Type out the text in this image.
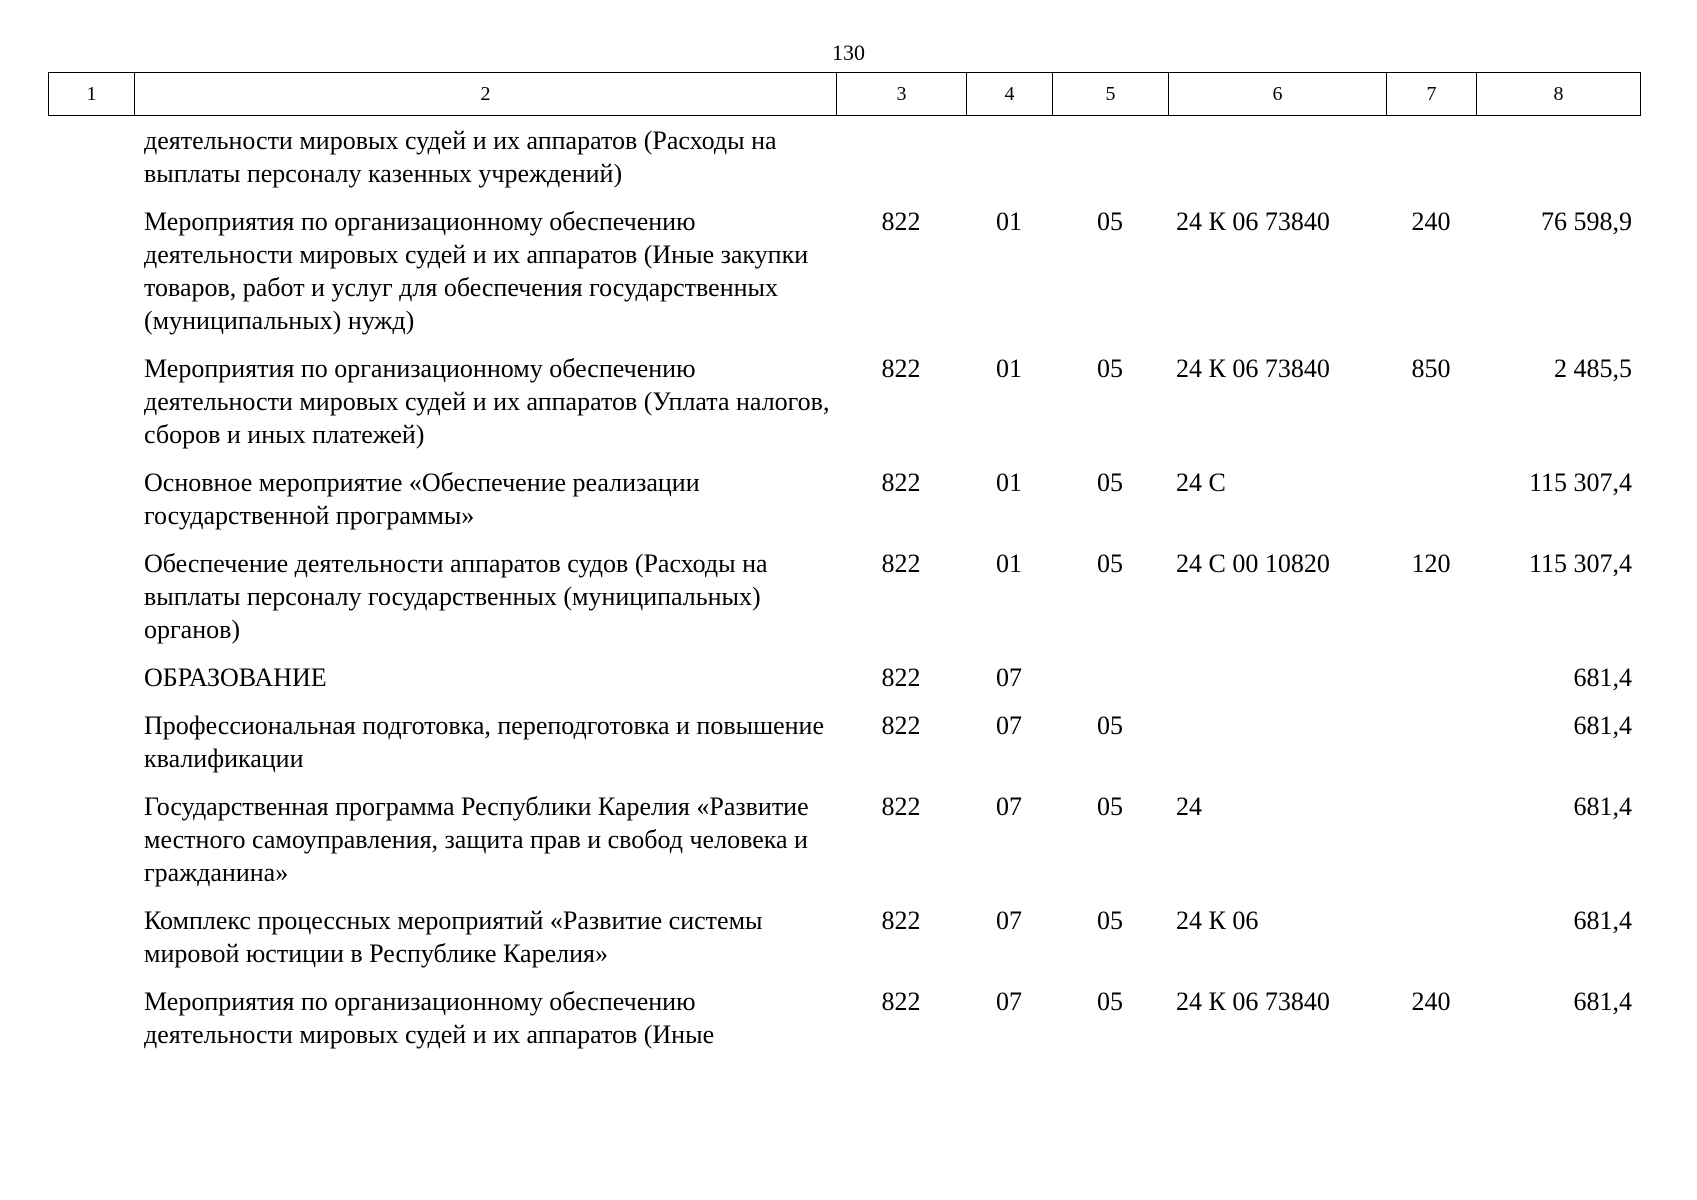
130
1	2	3	4	5	6	7	8
	деятельности мировых судей и их аппаратов (Расходы на выплаты персоналу казенных учреждений)						
	Мероприятия по организационному обеспечению деятельности мировых судей и их аппаратов (Иные закупки товаров, работ и услуг для обеспечения государственных (муниципальных) нужд)	822	01	05	24 К 06 73840	240	76 598,9
	Мероприятия по организационному обеспечению деятельности мировых судей и их аппаратов (Уплата налогов, сборов и иных платежей)	822	01	05	24 К 06 73840	850	2 485,5
	Основное мероприятие «Обеспечение реализации государственной программы»	822	01	05	24 С		115 307,4
	Обеспечение деятельности аппаратов судов (Расходы на выплаты персоналу государственных (муниципальных) органов)	822	01	05	24 С 00 10820	120	115 307,4
	ОБРАЗОВАНИЕ	822	07				681,4
	Профессиональная подготовка, переподготовка и повышение квалификации	822	07	05			681,4
	Государственная программа Республики Карелия «Развитие местного самоуправления, защита прав и свобод человека и гражданина»	822	07	05	24		681,4
	Комплекс процессных мероприятий «Развитие системы мировой юстиции в Республике Карелия»	822	07	05	24 К 06		681,4
	Мероприятия по организационному обеспечению деятельности мировых судей и их аппаратов (Иные	822	07	05	24 К 06 73840	240	681,4
